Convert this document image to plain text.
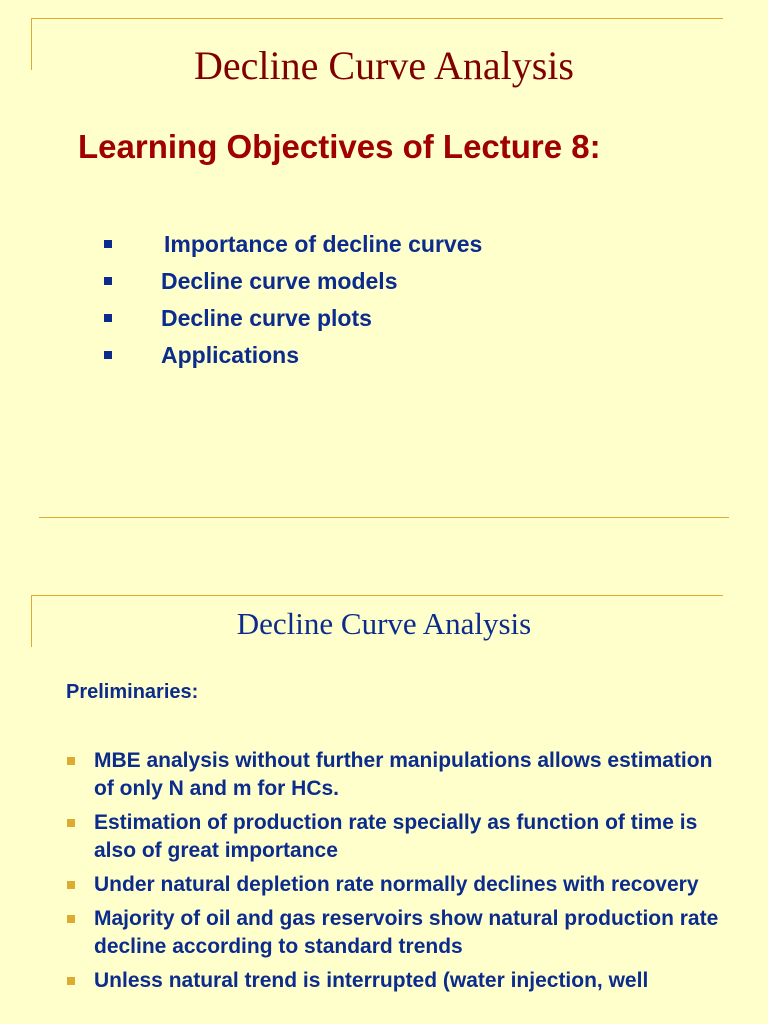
Decline Curve Analysis
Learning Objectives of Lecture 8:
Importance of decline curves
Decline curve models
Decline curve plots
Applications
Decline Curve Analysis
Preliminaries:
MBE analysis without further manipulations allows estimation of only N and m for HCs.
Estimation of production rate specially as function of time is also of great importance
Under natural depletion rate normally declines with recovery
Majority of oil and gas reservoirs show natural production rate decline according to standard trends
Unless natural trend is interrupted (water injection, well
